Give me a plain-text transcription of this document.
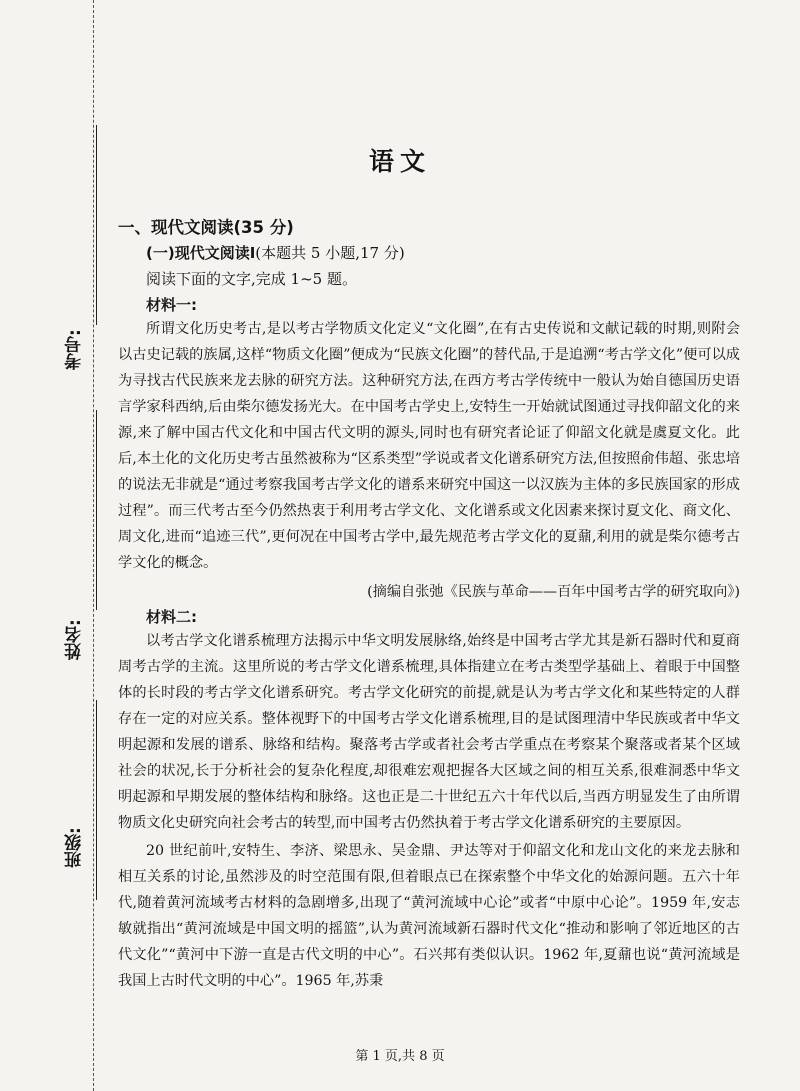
考号:
姓名:
班级:
语文
一、现代文阅读(35 分)
(一)现代文阅读Ⅰ(本题共 5 小题,17 分)
阅读下面的文字,完成 1~5 题。
材料一:

所谓文化历史考古,是以考古学物质文化定义“文化圈”,在有古史传说和文献记载的时期,则附会以古史记载的族属,这样“物质文化圈”便成为“民族文化圈”的替代品,于是追溯“考古学文化”便可以成为寻找古代民族来龙去脉的研究方法。这种研究方法,在西方考古学传统中一般认为始自德国历史语言学家科西纳,后由柴尔德发扬光大。在中国考古学史上,安特生一开始就试图通过寻找仰韶文化的来源,来了解中国古代文化和中国古代文明的源头,同时也有研究者论证了仰韶文化就是虞夏文化。此后,本土化的文化历史考古虽然被称为“区系类型”学说或者文化谱系研究方法,但按照俞伟超、张忠培的说法无非就是“通过考察我国考古学文化的谱系来研究中国这一以汉族为主体的多民族国家的形成过程”。而三代考古至今仍然热衷于利用考古学文化、文化谱系或文化因素来探讨夏文化、商文化、周文化,进而“追迹三代”,更何况在中国考古学中,最先规范考古学文化的夏鼐,利用的就是柴尔德考古学文化的概念。

(摘编自张弛《民族与革命——百年中国考古学的研究取向》)
材料二:

以考古学文化谱系梳理方法揭示中华文明发展脉络,始终是中国考古学尤其是新石器时代和夏商周考古学的主流。这里所说的考古学文化谱系梳理,具体指建立在考古类型学基础上、着眼于中国整体的长时段的考古学文化谱系研究。考古学文化研究的前提,就是认为考古学文化和某些特定的人群存在一定的对应关系。整体视野下的中国考古学文化谱系梳理,目的是试图理清中华民族或者中华文明起源和发展的谱系、脉络和结构。聚落考古学或者社会考古学重点在考察某个聚落或者某个区域社会的状况,长于分析社会的复杂化程度,却很难宏观把握各大区域之间的相互关系,很难洞悉中华文明起源和早期发展的整体结构和脉络。这也正是二十世纪五六十年代以后,当西方明显发生了由所谓物质文化史研究向社会考古的转型,而中国考古仍然执着于考古学文化谱系研究的主要原因。

20 世纪前叶,安特生、李济、梁思永、吴金鼎、尹达等对于仰韶文化和龙山文化的来龙去脉和相互关系的讨论,虽然涉及的时空范围有限,但着眼点已在探索整个中华文化的始源问题。五六十年代,随着黄河流域考古材料的急剧增多,出现了“黄河流域中心论”或者“中原中心论”。1959 年,安志敏就指出“黄河流域是中国文明的摇篮”,认为黄河流域新石器时代文化“推动和影响了邻近地区的古代文化”“黄河中下游一直是古代文明的中心”。石兴邦有类似认识。1962 年,夏鼐也说“黄河流域是我国上古时代文明的中心”。1965 年,苏秉

第 1 页,共 8 页
